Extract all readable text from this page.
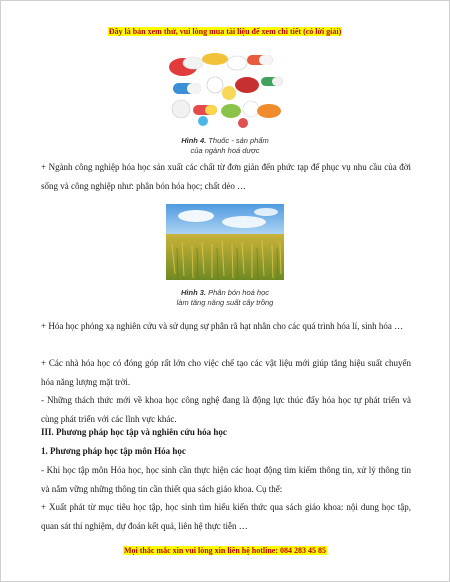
Đây là bản xem thử, vui lòng mua tài liệu để xem chi tiết (có lời giải)
Hình 4. Thuốc - sản phẩm
của ngành hoá dược
+ Ngành công nghiệp hóa học sản xuất các chất từ đơn giản đến phức tạp để phục vụ nhu cầu của đời sống và công nghiệp như: phân bón hóa học; chất dẻo …
Hình 3. Phân bón hoá học
làm tăng năng suất cây trồng
+ Hóa học phóng xạ nghiên cứu và sử dụng sự phân rã hạt nhân cho các quá trình hóa lí, sinh hóa …
+ Các nhà hóa học có đóng góp rất lớn cho việc chế tạo các vật liệu mới giúp tăng hiệu suất chuyển hóa năng lượng mặt trời.
- Những thách thức mới về khoa học công nghệ đang là động lực thúc đẩy hóa học tự phát triển và cùng phát triển với các lĩnh vực khác.
III. Phương pháp học tập và nghiên cứu hóa học
1. Phương pháp học tập môn Hóa học
- Khi học tập môn Hóa học, học sinh cần thực hiện các hoạt động tìm kiếm thông tin, xử lý thông tin và nắm vững những thông tin cần thiết qua sách giáo khoa. Cụ thể:
+ Xuất phát từ mục tiêu học tập, học sinh tìm hiểu kiến thức qua sách giáo khoa: nội dung học tập, quan sát thí nghiệm, dự đoán kết quả, liên hệ thực tiễn …
Mọi thắc mắc xin vui lòng xin liên hệ hotline: 084 283 45 85
